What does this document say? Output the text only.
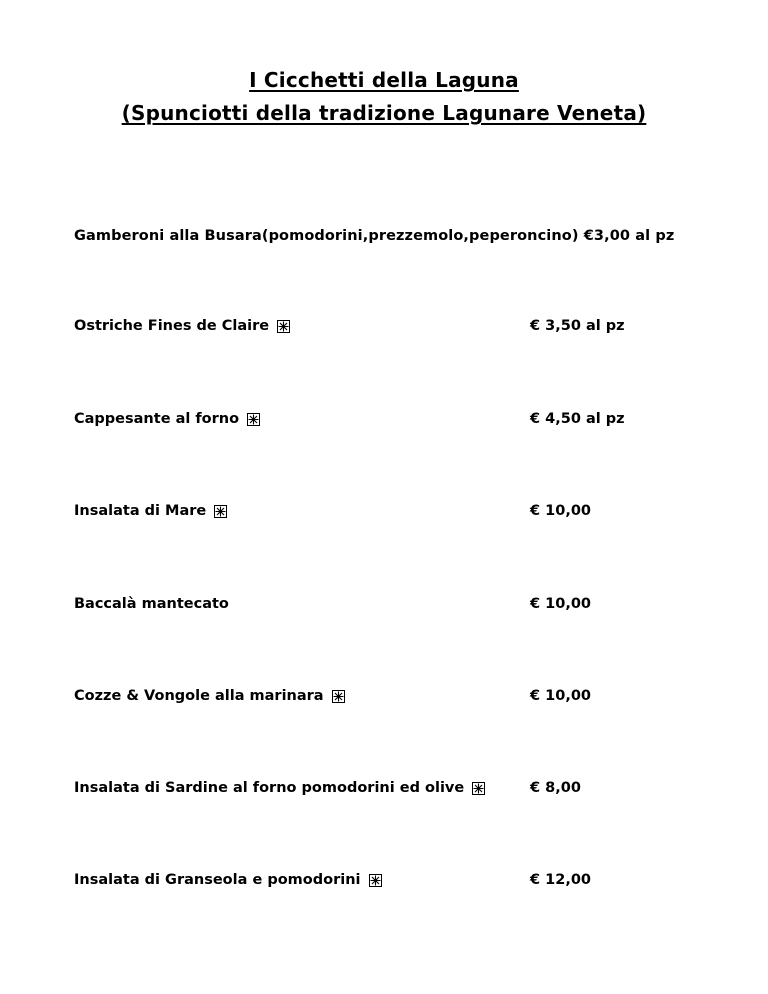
I Cicchetti della Laguna
(Spunciotti della tradizione Lagunare Veneta)
Gamberoni alla Busara(pomodorini,prezzemolo,peperoncino) €3,00 al pz
Ostriche Fines de Claire	€ 3,50 al pz
Cappesante al forno	€ 4,50 al pz
Insalata di Mare	€ 10,00
Baccalà mantecato	€ 10,00
Cozze & Vongole alla marinara	€ 10,00
Insalata di Sardine al forno pomodorini ed olive	€ 8,00
Insalata di Granseola e pomodorini	€ 12,00
